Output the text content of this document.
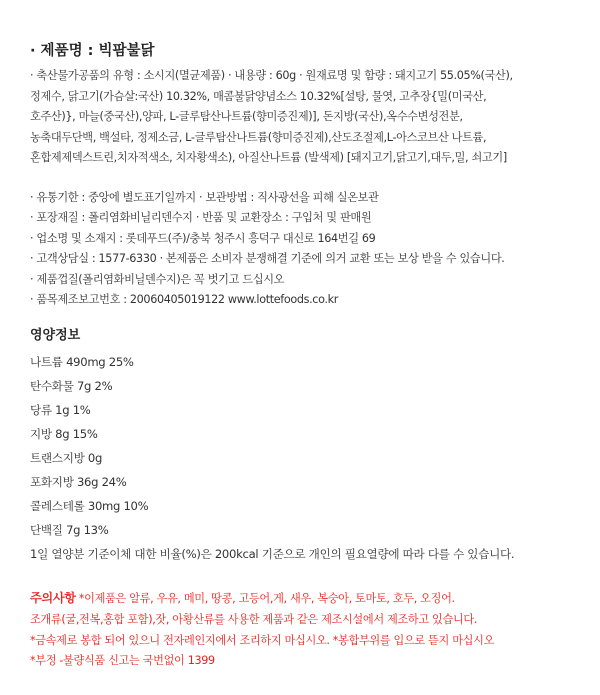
· 제품명 : 빅팜불닭
· 축산물가공품의 유형 : 소시지(멸균제품) · 내용량 : 60g · 원재료명 및 함량 : 돼지고기 55.05%(국산),
정제수, 닭고기(가슴살:국산) 10.32%, 매콤불닭양념소스 10.32%[설탕, 물엿, 고추장{밀(미국산,
호주산)}, 마늘(중국산),양파, L-글루탐산나트륨(향미증진제)], 돈지방(국산),옥수수변성전분,
농축대두단백, 백설타, 정제소금, L-글루탐산나트륨(향미증진제),산도조절제,L-아스코브산 나트륨,
혼합제제덱스트린,치자적색소, 치자황색소), 아질산나트륨 (발색제) [돼지고기,닭고기,대두,밀, 쇠고기]
· 유통기한 : 중앙에 별도표기일까지 · 보관방법 : 직사광선을 피해 실온보관
· 포장재질 : 폴리염화비닐리덴수지 · 반품 및 교환장소 : 구입처 및 판매원
· 업소명 및 소재지 : 롯데푸드(주)/충북 청주시 흥덕구 대신로 164번길 69
· 고객상담실 : 1577-6330 · 본제품은 소비자 분쟁해결 기준에 의거 교환 또는 보상 받을 수 있습니다.
· 제품껍질(폴리염화비닐덴수지)은 꼭 벗기고 드십시오
· 품목제조보고번호 : 20060405019122 www.lottefoods.co.kr
영양정보
나트륨 490mg 25%
탄수화물 7g 2%
당류 1g 1%
지방 8g 15%
트랜스지방 0g
포화지방 36g 24%
콜레스테롤 30mg 10%
단백질 7g 13%
1일 열양분 기준이체 대한 비율(%)은 200kcal 기준으로 개인의 필요열량에 따라 다를 수 있습니다.
주의사항 *이제품은 알류, 우유, 메미, 땅콩, 고등어,게, 새우, 복숭아, 토마토, 호두, 오징어.
조개류(굴,전복,홍합 포함),잣, 아황산류를 사용한 제품과 같은 제조시설에서 제조하고 있습니다.
*금속제로 봉합 되어 있으니 전자레인지에서 조리하지 마십시오. *봉합부위를 입으로 뜯지 마십시오
*부정 -불량식품 신고는 국번없이 1399
